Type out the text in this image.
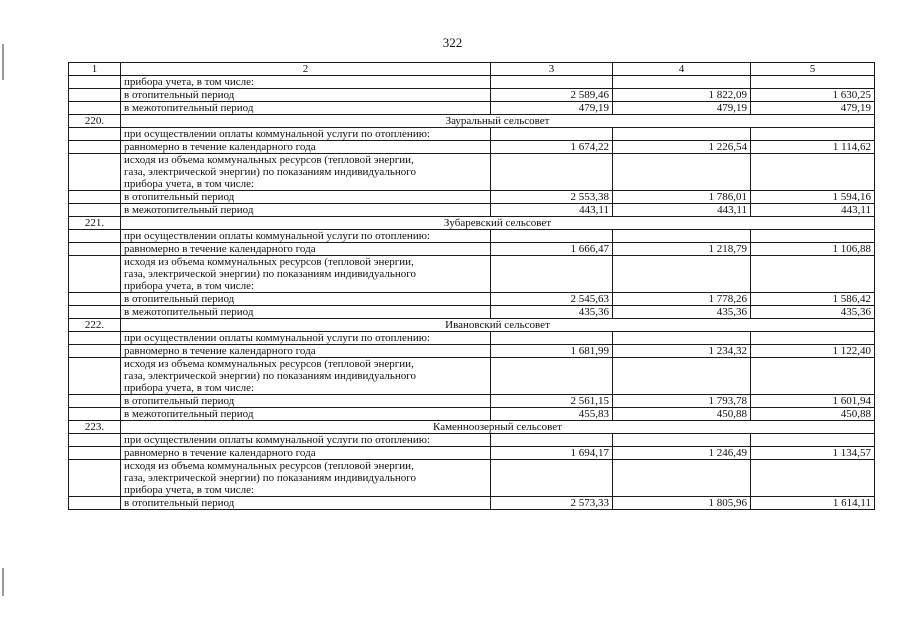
322
1	2	3	4	5
	прибора учета, в том числе:			
	в отопительный период	2 589,46	1 822,09	1 630,25
	в межотопительный период	479,19	479,19	479,19
220.	Зауральный сельсовет			
	при осуществлении оплаты коммунальной услуги по отоплению:			
	равномерно в течение календарного года	1 674,22	1 226,54	1 114,62

	исходя из объема коммунальных ресурсов (тепловой энергии,
газа, электрической энергии) по показаниям индивидуального
прибора учета, в том числе:			

	в отопительный период	2 553,38	1 786,01	1 594,16
	в межотопительный период	443,11	443,11	443,11
221.	Зубаревский сельсовет			
	при осуществлении оплаты коммунальной услуги по отоплению:			
	равномерно в течение календарного года	1 666,47	1 218,79	1 106,88

	исходя из объема коммунальных ресурсов (тепловой энергии,
газа, электрической энергии) по показаниям индивидуального
прибора учета, в том числе:			

	в отопительный период	2 545,63	1 778,26	1 586,42
	в межотопительный период	435,36	435,36	435,36
222.	Ивановский сельсовет			
	при осуществлении оплаты коммунальной услуги по отоплению:			
	равномерно в течение календарного года	1 681,99	1 234,32	1 122,40

	исходя из объема коммунальных ресурсов (тепловой энергии,
газа, электрической энергии) по показаниям индивидуального
прибора учета, в том числе:			

	в отопительный период	2 561,15	1 793,78	1 601,94
	в межотопительный период	455,83	450,88	450,88
223.	Каменноозерный сельсовет			
	при осуществлении оплаты коммунальной услуги по отоплению:			
	равномерно в течение календарного года	1 694,17	1 246,49	1 134,57

	исходя из объема коммунальных ресурсов (тепловой энергии,
газа, электрической энергии) по показаниям индивидуального
прибора учета, в том числе:			

	в отопительный период	2 573,33	1 805,96	1 614,11
